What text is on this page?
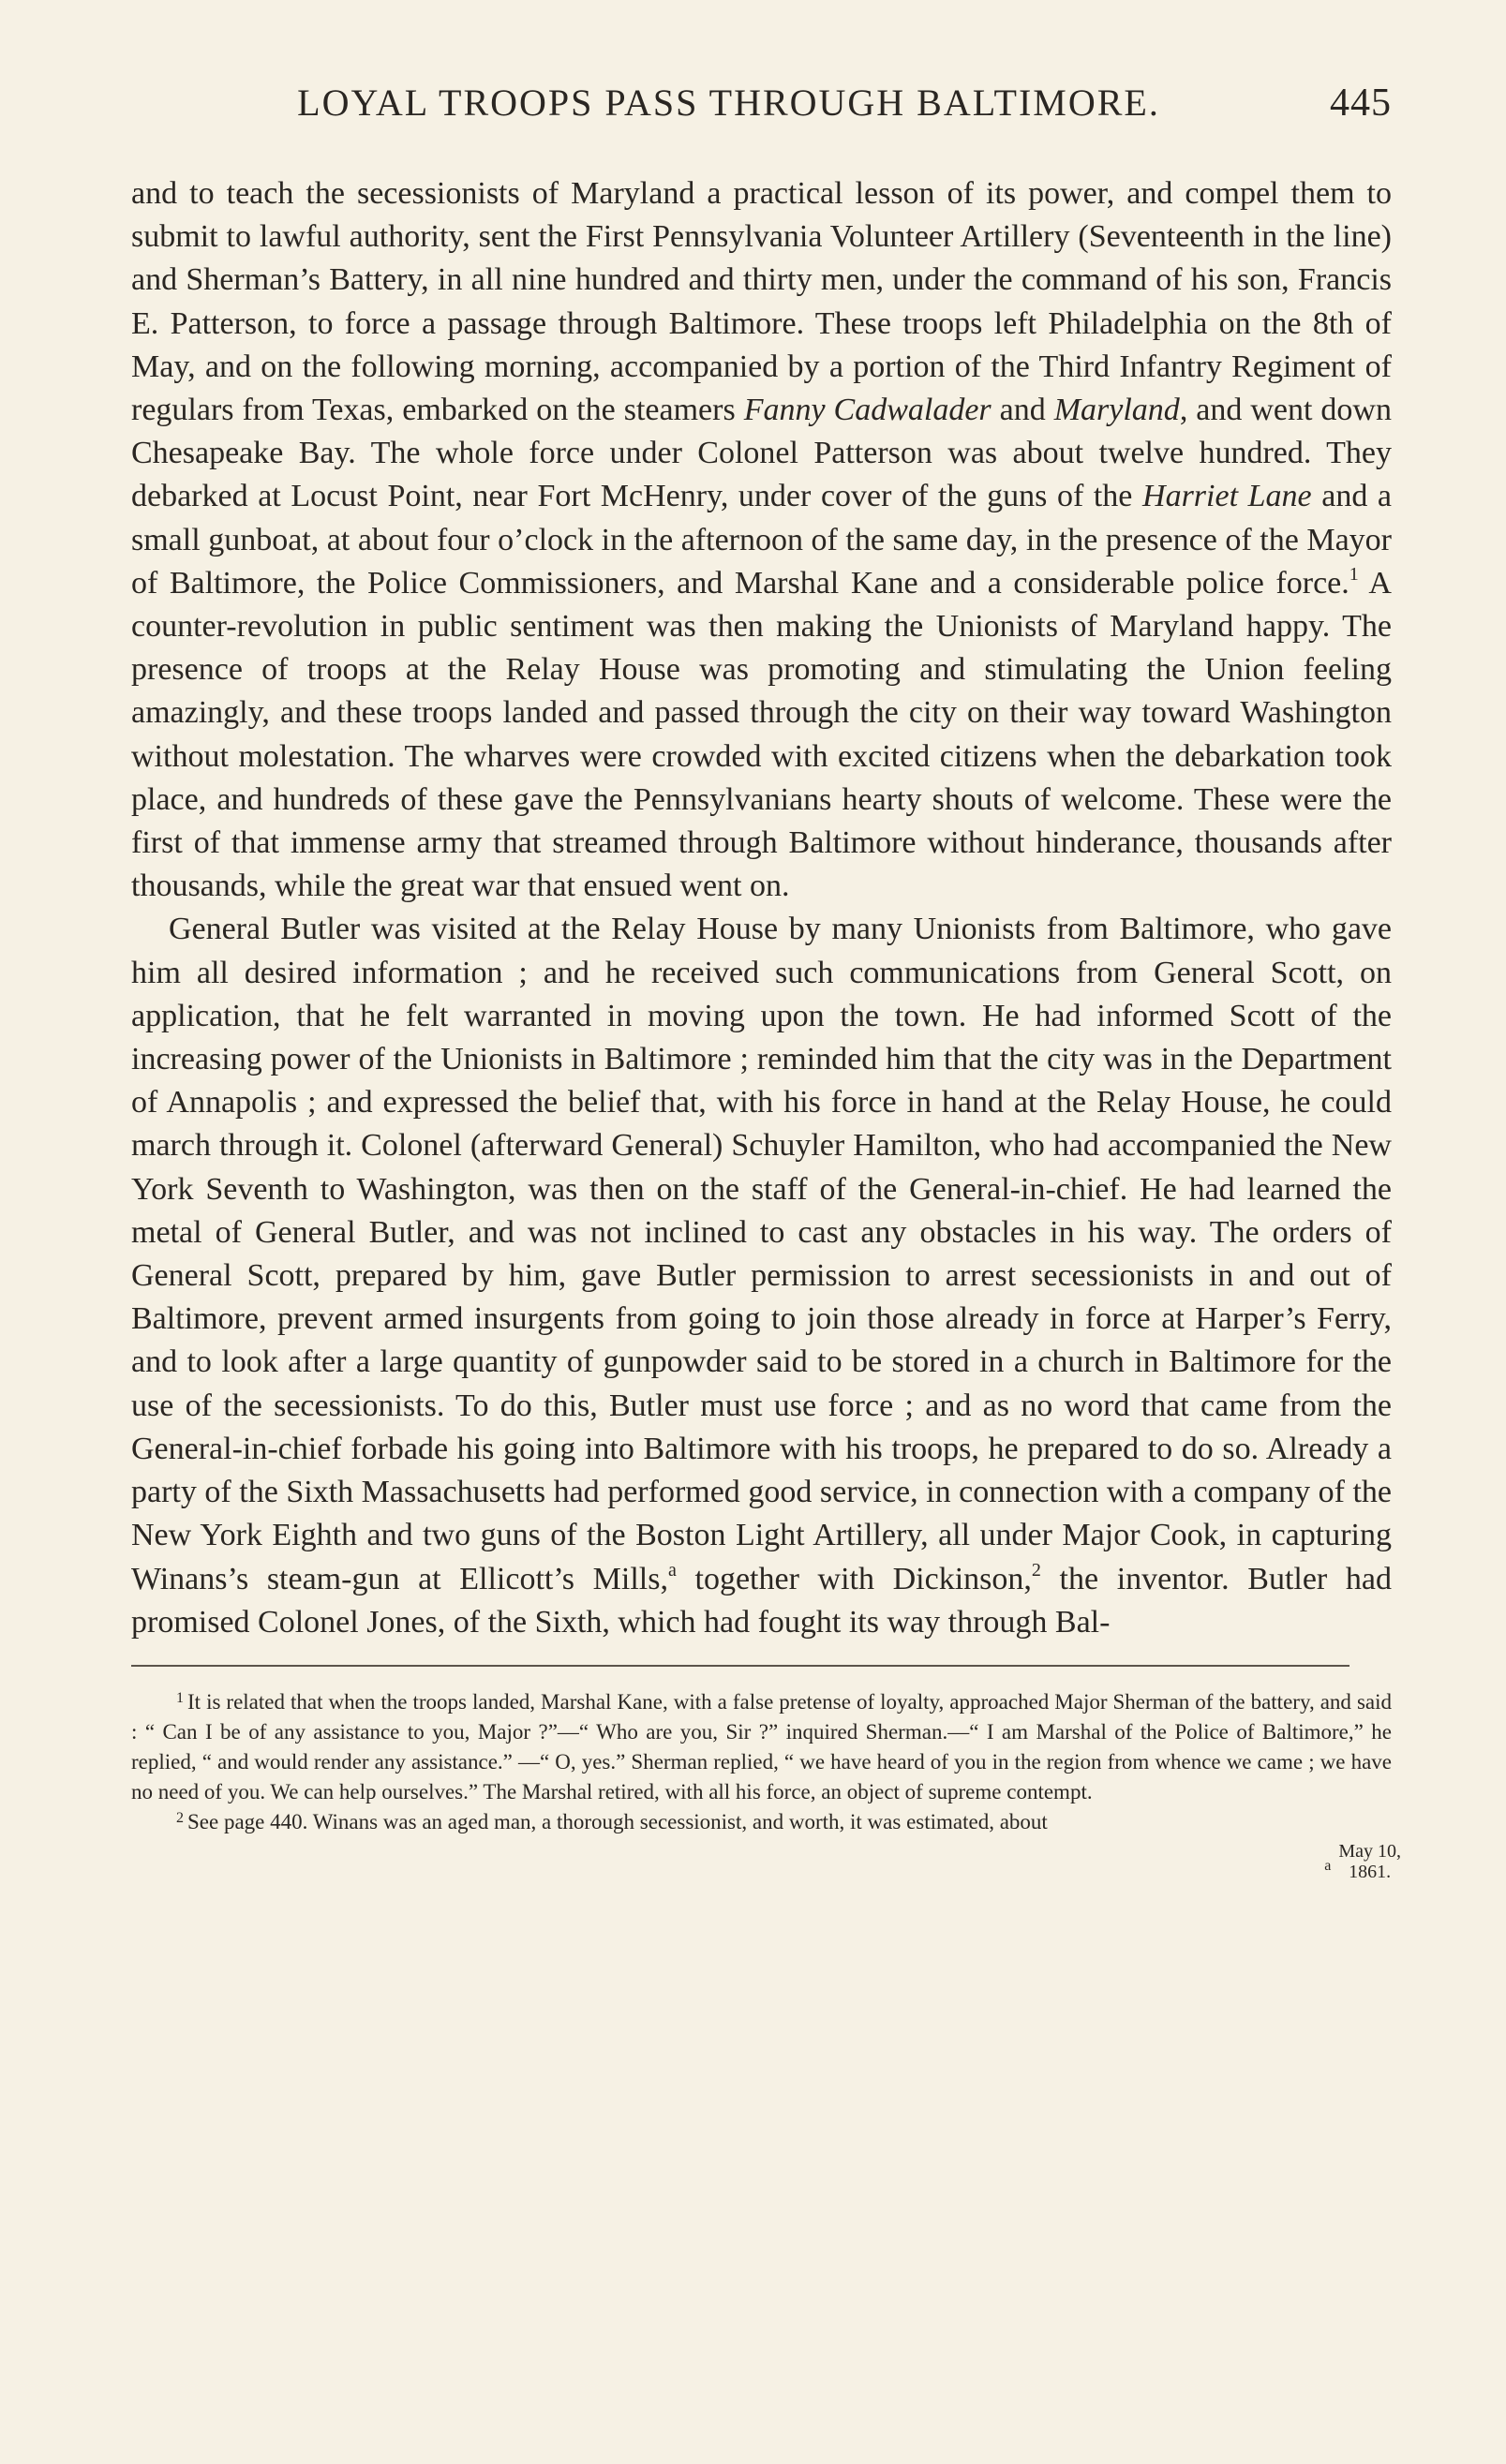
LOYAL TROOPS PASS THROUGH BALTIMORE.	445

and to teach the secessionists of Maryland a practical lesson of its power, and compel them to submit to lawful authority, sent the First Pennsylvania Volunteer Artillery (Seventeenth in the line) and Sherman’s Battery, in all nine hundred and thirty men, under the command of his son, Francis E. Patterson, to force a passage through Baltimore. These troops left Philadelphia on the 8th of May, and on the following morning, accompanied by a portion of the Third Infantry Regiment of regulars from Texas, embarked on the steamers Fanny Cadwalader and Maryland, and went down Chesapeake Bay. The whole force under Colonel Patterson was about twelve hundred. They debarked at Locust Point, near Fort McHenry, under cover of the guns of the Harriet Lane and a small gunboat, at about four o’clock in the afternoon of the same day, in the presence of the Mayor of Baltimore, the Police Commissioners, and Marshal Kane and a considerable police force.$^1$ A counter-revolution in public sentiment was then making the Unionists of Maryland happy. The presence of troops at the Relay House was promoting and stimulating the Union feeling amazingly, and these troops landed and passed through the city on their way toward Washington without molestation. The wharves were crowded with excited citizens when the debarkation took place, and hundreds of these gave the Pennsylvanians hearty shouts of welcome. These were the first of that immense army that streamed through Baltimore without hinderance, thousands after thousands, while the great war that ensued went on.

General Butler was visited at the Relay House by many Unionists from Baltimore, who gave him all desired information ; and he received such communications from General Scott, on application, that he felt warranted in moving upon the town. He had informed Scott of the increasing power of the Unionists in Baltimore ; reminded him that the city was in the Department of Annapolis ; and expressed the belief that, with his force in hand at the Relay House, he could march through it. Colonel (afterward General) Schuyler Hamilton, who had accompanied the New York Seventh to Washington, was then on the staff of the General-in-chief. He had learned the metal of General Butler, and was not inclined to cast any obstacles in his way. The orders of General Scott, prepared by him, gave Butler permission to arrest secessionists in and out of Baltimore, prevent armed insurgents from going to join those already in force at Harper’s Ferry, and to look after a large quantity of gunpowder said to be stored in a church in Baltimore for the use of the secessionists. To do this, Butler must use force ; and as no word that came from the General-in-chief forbade his going into Baltimore with his troops, he prepared to do so. Already a party of the Sixth Massachusetts had performed good service, in connection with a company of the New York Eighth and two guns of the Boston Light Artillery, all under Major Cook, in capturing Winans’s steam-gun at Ellicott’s Mills,$^a$ together with Dickinson,$^2$ the inventor. Butler had promised Colonel Jones, of the Sixth, which had fought its way through Bal-

$^a$
May 10,
1861.

$^1$ It is related that when the troops landed, Marshal Kane, with a false pretense of loyalty, approached Major Sherman of the battery, and said : “ Can I be of any assistance to you, Major ?”—“ Who are you, Sir ?” inquired Sherman.—“ I am Marshal of the Police of Baltimore,” he replied, “ and would render any assistance.” —“ O, yes.” Sherman replied, “ we have heard of you in the region from whence we came ; we have no need of you. We can help ourselves.” The Marshal retired, with all his force, an object of supreme contempt.

$^2$ See page 440. Winans was an aged man, a thorough secessionist, and worth, it was estimated, about
